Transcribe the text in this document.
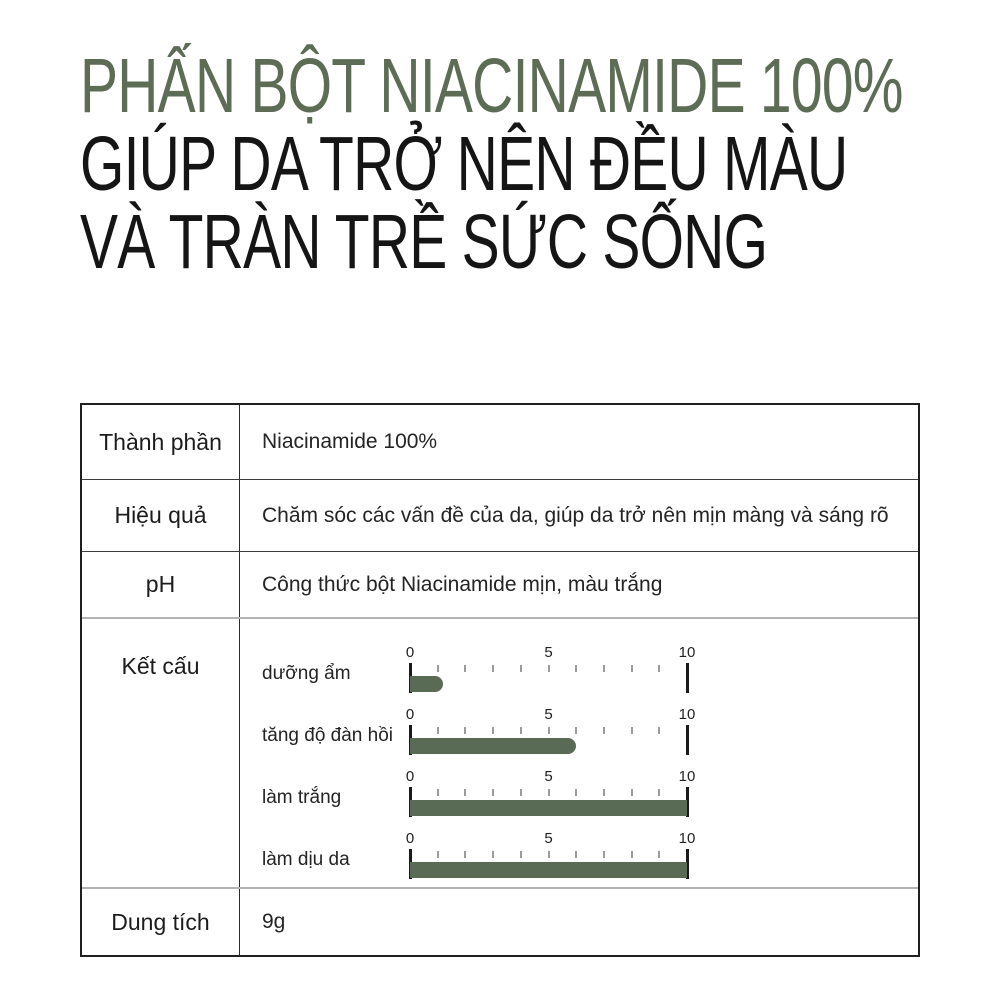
PHẤN BỘT NIACINAMIDE 100%
GIÚP DA TRỞ NÊN ĐỀU MÀU
VÀ TRÀN TRỀ SỨC SỐNG
Thành phần	Niacinamide 100%
Hiệu quả	Chăm sóc các vấn đề của da, giúp da trở nên mịn màng và sáng rõ
pH	Công thức bột Niacinamide mịn, màu trắng
Kết cấu	dưỡng ẩm
0	5	10
tăng độ đàn hồi
0	5	10
làm trắng
0	5	10
làm dịu da
0	5	10
Dung tích	9g
